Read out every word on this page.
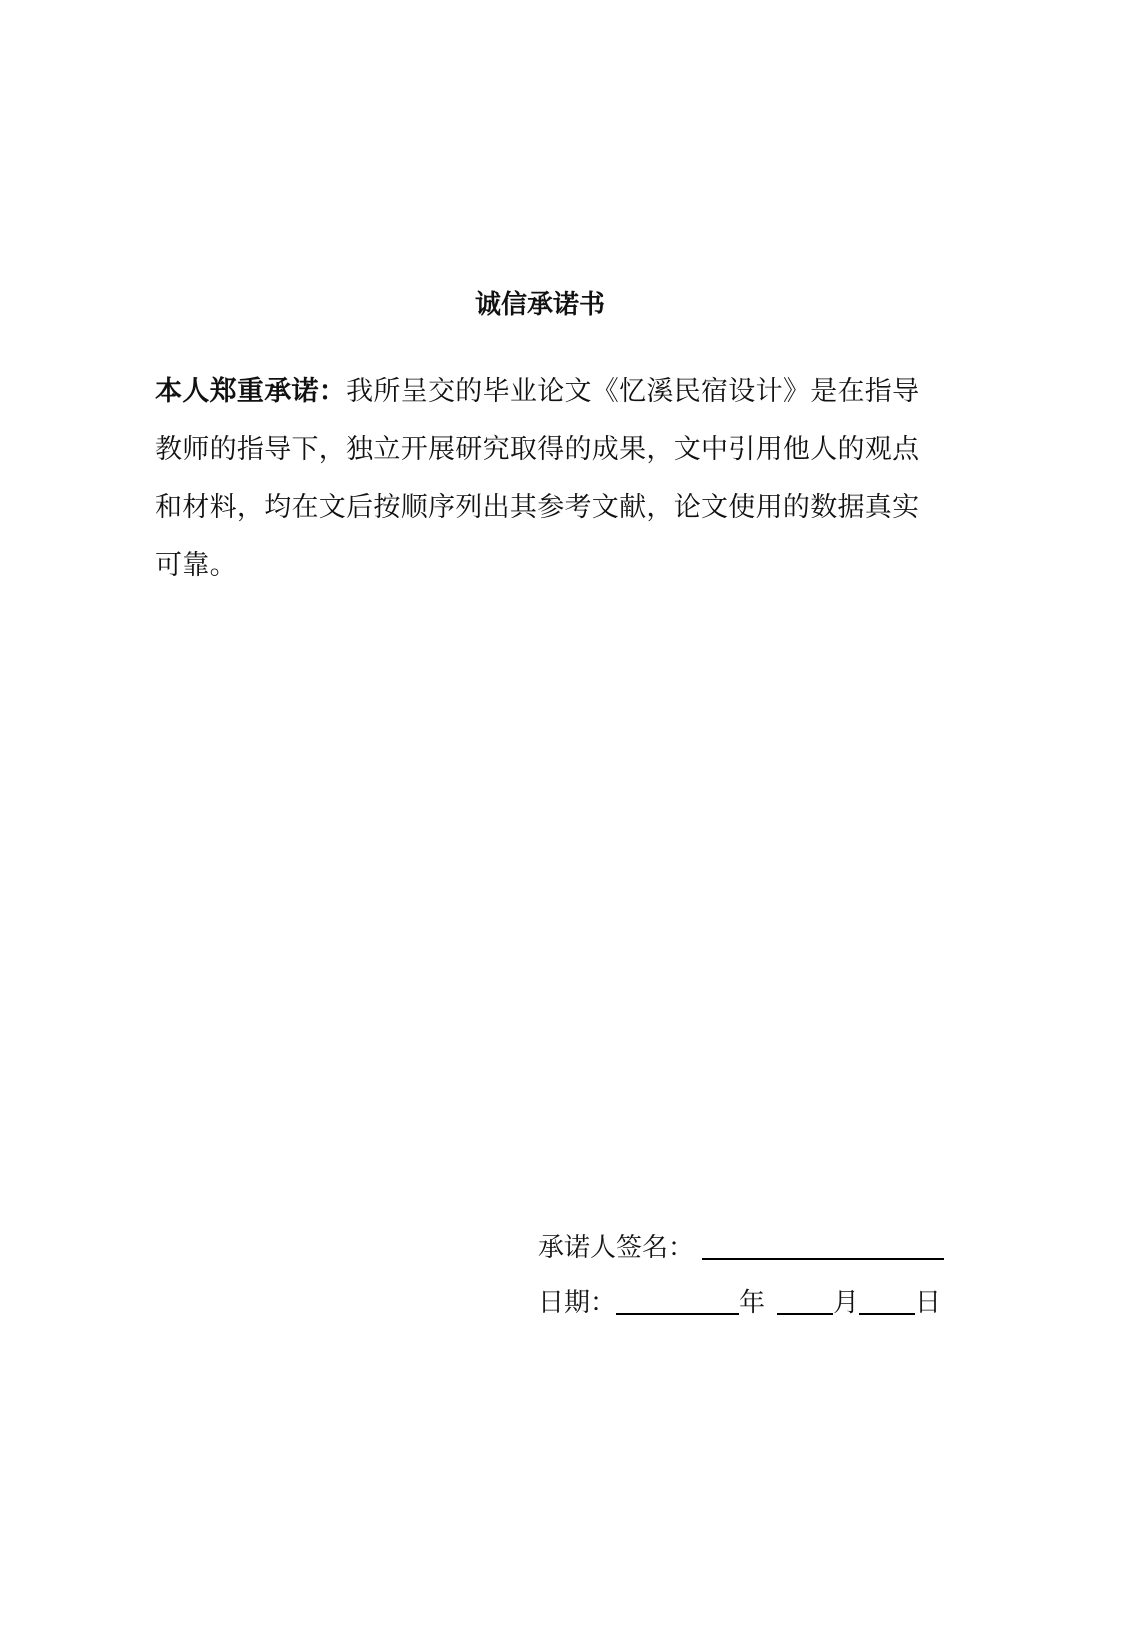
诚信承诺书
本人郑重承诺：我所呈交的毕业论文《忆溪民宿设计》是在指导
教师的指导下，独立开展研究取得的成果，文中引用他人的观点
和材料，均在文后按顺序列出其参考文献，论文使用的数据真实
可靠。
承诺人签名：
日期：	年	月 日
